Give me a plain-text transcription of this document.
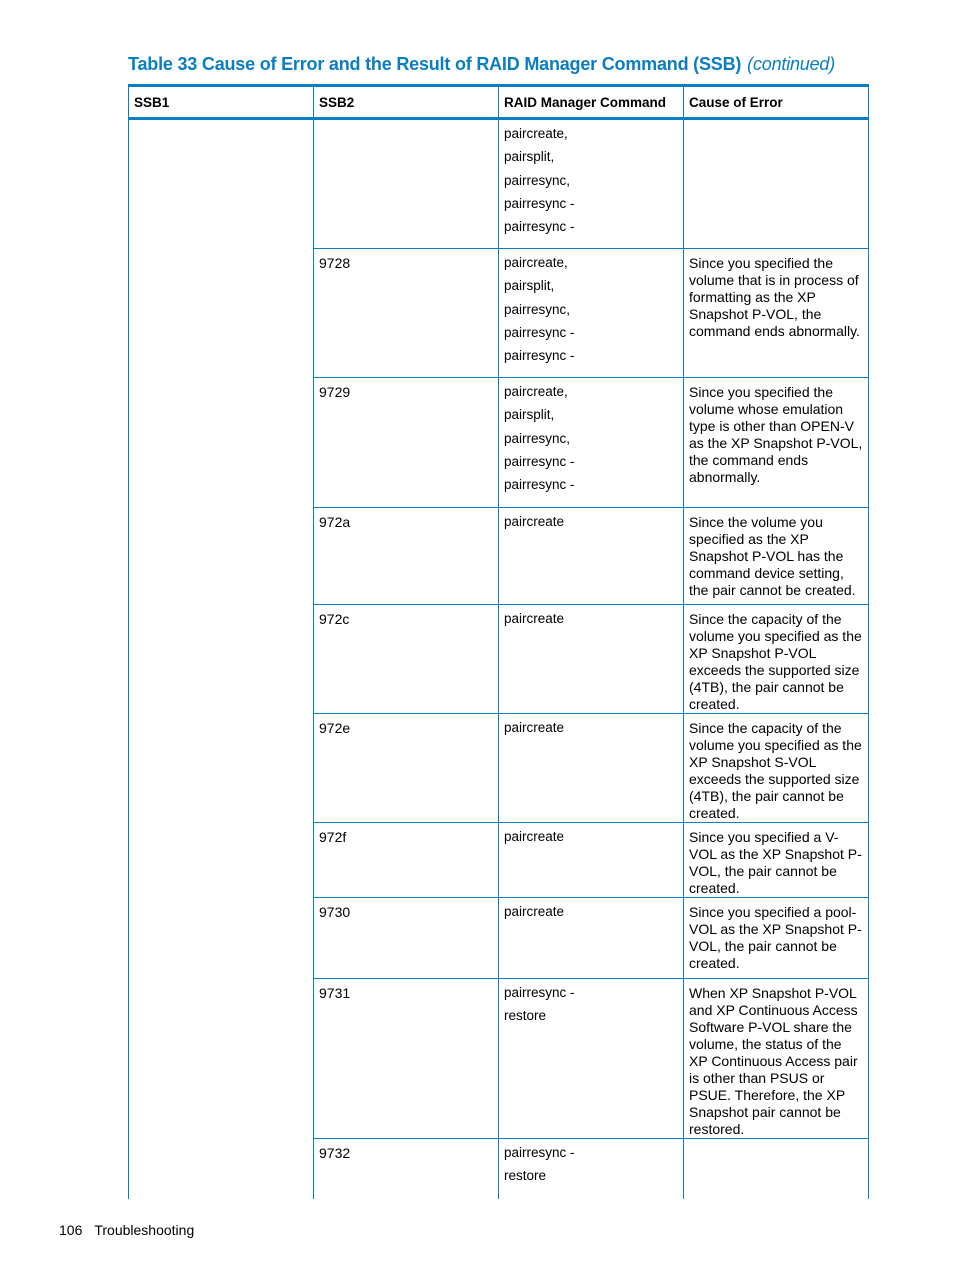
Table 33 Cause of Error and the Result of RAID Manager Command (SSB) (continued)
SSB1	SSB2	RAID Manager Command	Cause of Error

		paircreate,
pairsplit,
pairresync,
pairresync -
pairresync -	

	9728	paircreate,
pairsplit,
pairresync,
pairresync -
pairresync -	Since you specified the volume that is in process of formatting as the XP Snapshot P-VOL, the command ends abnormally.
	9729	paircreate,
pairsplit,
pairresync,
pairresync -
pairresync -	Since you specified the volume whose emulation type is other than OPEN-V as the XP Snapshot P-VOL, the command ends abnormally.
	972a	paircreate	Since the volume you specified as the XP Snapshot P-VOL has the command device setting, the pair cannot be created.
	972c	paircreate	Since the capacity of the volume you specified as the XP Snapshot P-VOL exceeds the supported size (4TB), the pair cannot be created.
	972e	paircreate	Since the capacity of the volume you specified as the XP Snapshot S-VOL exceeds the supported size (4TB), the pair cannot be created.
	972f	paircreate	Since you specified a V-VOL as the XP Snapshot P-VOL, the pair cannot be created.
	9730	paircreate	Since you specified a pool-VOL as the XP Snapshot P-VOL, the pair cannot be created.
	9731	pairresync -
restore	When XP Snapshot P-VOL and XP Continuous Access Software P-VOL share the volume, the status of the XP Continuous Access pair is other than PSUS or PSUE. Therefore, the XP Snapshot pair cannot be restored.
	9732	pairresync -
restore	

106 Troubleshooting
